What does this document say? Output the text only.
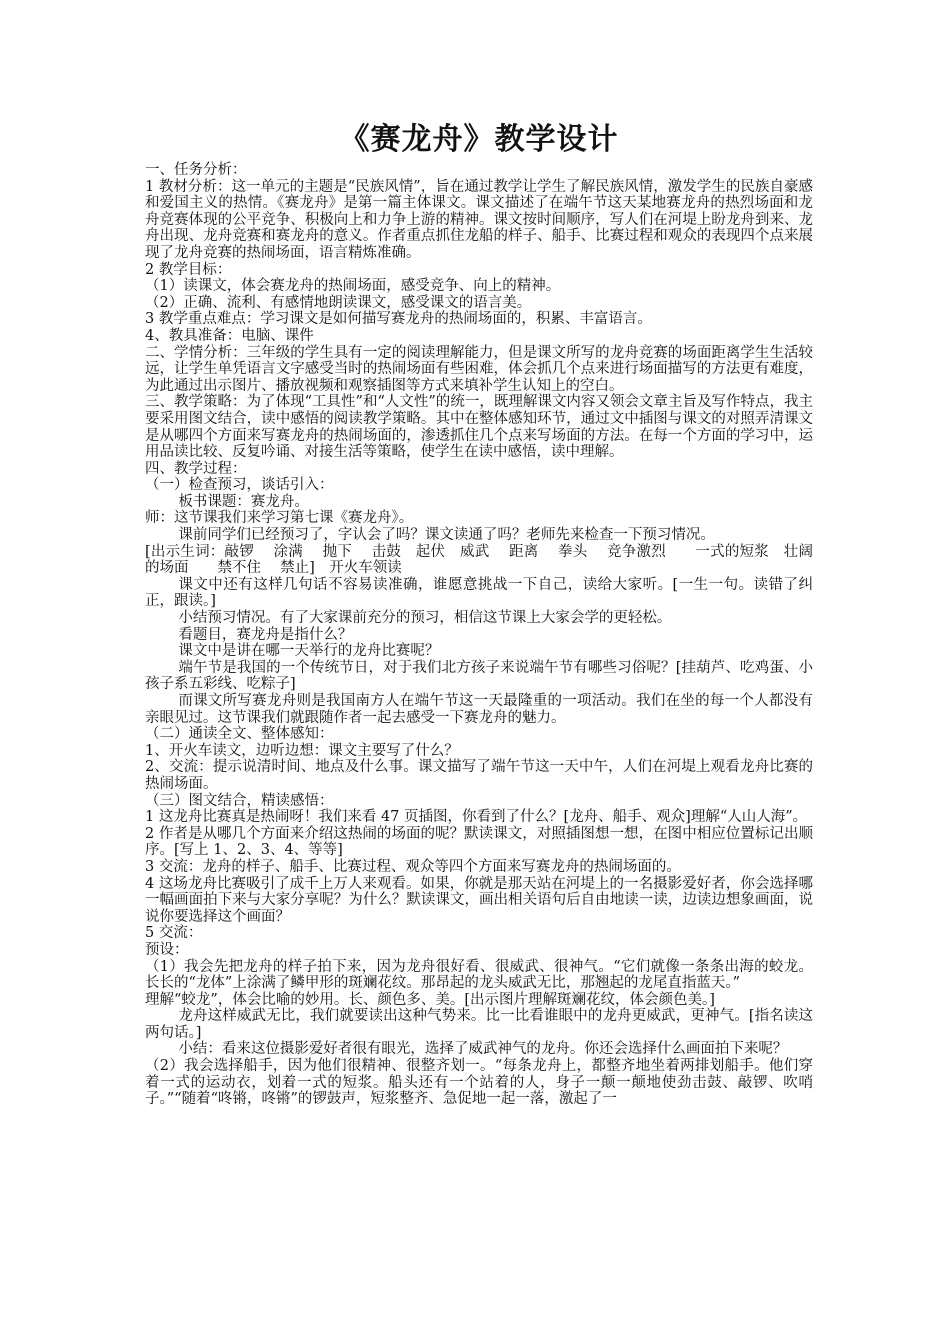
《赛龙舟》教学设计

一、任务分析：

1 教材分析：这一单元的主题是“民族风情”，旨在通过教学让学生了解民族风情，激发学生的民族自豪感和爱国主义的热情。《赛龙舟》是第一篇主体课文。课文描述了在端午节这天某地赛龙舟的热烈场面和龙舟竞赛体现的公平竞争、积极向上和力争上游的精神。课文按时间顺序，写人们在河堤上盼龙舟到来、龙舟出现、龙舟竞赛和赛龙舟的意义。作者重点抓住龙船的样子、船手、比赛过程和观众的表现四个点来展现了龙舟竞赛的热闹场面，语言精炼准确。

2 教学目标：

（1）读课文，体会赛龙舟的热闹场面，感受竞争、向上的精神。

（2）正确、流利、有感情地朗读课文，感受课文的语言美。

3 教学重点难点：学习课文是如何描写赛龙舟的热闹场面的，积累、丰富语言。

4、教具准备：电脑、课件

二、学情分析：三年级的学生具有一定的阅读理解能力，但是课文所写的龙舟竞赛的场面距离学生生活较远，让学生单凭语言文字感受当时的热闹场面有些困难，体会抓几个点来进行场面描写的方法更有难度，为此通过出示图片、播放视频和观察插图等方式来填补学生认知上的空白。

三、教学策略：为了体现“工具性”和“人文性”的统一，既理解课文内容又领会文章主旨及写作特点，我主要采用图文结合，读中感悟的阅读教学策略。其中在整体感知环节，通过文中插图与课文的对照弄清课文是从哪四个方面来写赛龙舟的热闹场面的，渗透抓住几个点来写场面的方法。在每一个方面的学习中，运用品读比较、反复吟诵、对接生活等策略，使学生在读中感悟，读中理解。

四、教学过程：

（一）检查预习，谈话引入：

板书课题：赛龙舟。

师：这节课我们来学习第七课《赛龙舟》。

课前同学们已经预习了，字认会了吗？课文读通了吗？老师先来检查一下预习情况。

[出示生词：敲锣　 涂满　 抛下　 击鼓　起伏　威武　 距离　 拳头　 竞争激烈　　一式的短浆　壮阔的场面　　禁不住　 禁止]　开火车领读

课文中还有这样几句话不容易读准确，谁愿意挑战一下自己，读给大家听。[一生一句。读错了纠正，跟读。]

小结预习情况。有了大家课前充分的预习，相信这节课上大家会学的更轻松。

看题目，赛龙舟是指什么？

课文中是讲在哪一天举行的龙舟比赛呢？

端午节是我国的一个传统节日，对于我们北方孩子来说端午节有哪些习俗呢？[挂葫芦、吃鸡蛋、小孩子系五彩线、吃粽子]

而课文所写赛龙舟则是我国南方人在端午节这一天最隆重的一项活动。我们在坐的每一个人都没有亲眼见过。这节课我们就跟随作者一起去感受一下赛龙舟的魅力。

（二）通读全文、整体感知：

1、开火车读文，边听边想：课文主要写了什么？

2、交流：提示说清时间、地点及什么事。课文描写了端午节这一天中午，人们在河堤上观看龙舟比赛的热闹场面。

（三）图文结合，精读感悟：

1 这龙舟比赛真是热闹呀！我们来看 47 页插图，你看到了什么？[龙舟、船手、观众]理解“人山人海”。

2 作者是从哪几个方面来介绍这热闹的场面的呢？默读课文，对照插图想一想，在图中相应位置标记出顺序。[写上 1、2、3、4、等等]

3 交流：龙舟的样子、船手、比赛过程、观众等四个方面来写赛龙舟的热闹场面的。

4 这场龙舟比赛吸引了成千上万人来观看。如果，你就是那天站在河堤上的一名摄影爱好者，你会选择哪一幅画面拍下来与大家分享呢？为什么？默读课文，画出相关语句后自由地读一读，边读边想象画面，说说你要选择这个画面？

5 交流：

预设：

（1）我会先把龙舟的样子拍下来，因为龙舟很好看、很威武、很神气。“它们就像一条条出海的蛟龙。长长的“龙体”上涂满了鳞甲形的斑斓花纹。那昂起的龙头威武无比，那翘起的龙尾直指蓝天。”

理解“蛟龙”，体会比喻的妙用。长、颜色多、美。[出示图片理解斑斓花纹，体会颜色美。]

龙舟这样威武无比，我们就要读出这种气势来。比一比看谁眼中的龙舟更威武，更神气。[指名读这两句话。]

小结：看来这位摄影爱好者很有眼光，选择了威武神气的龙舟。你还会选择什么画面拍下来呢？

（2）我会选择船手，因为他们很精神、很整齐划一。“每条龙舟上，都整齐地坐着两排划船手。他们穿着一式的运动衣，划着一式的短浆。船头还有一个站着的人，身子一颠一颠地使劲击鼓、敲锣、吹哨子。”“随着“咚锵，咚锵”的锣鼓声，短浆整齐、急促地一起一落，激起了一
